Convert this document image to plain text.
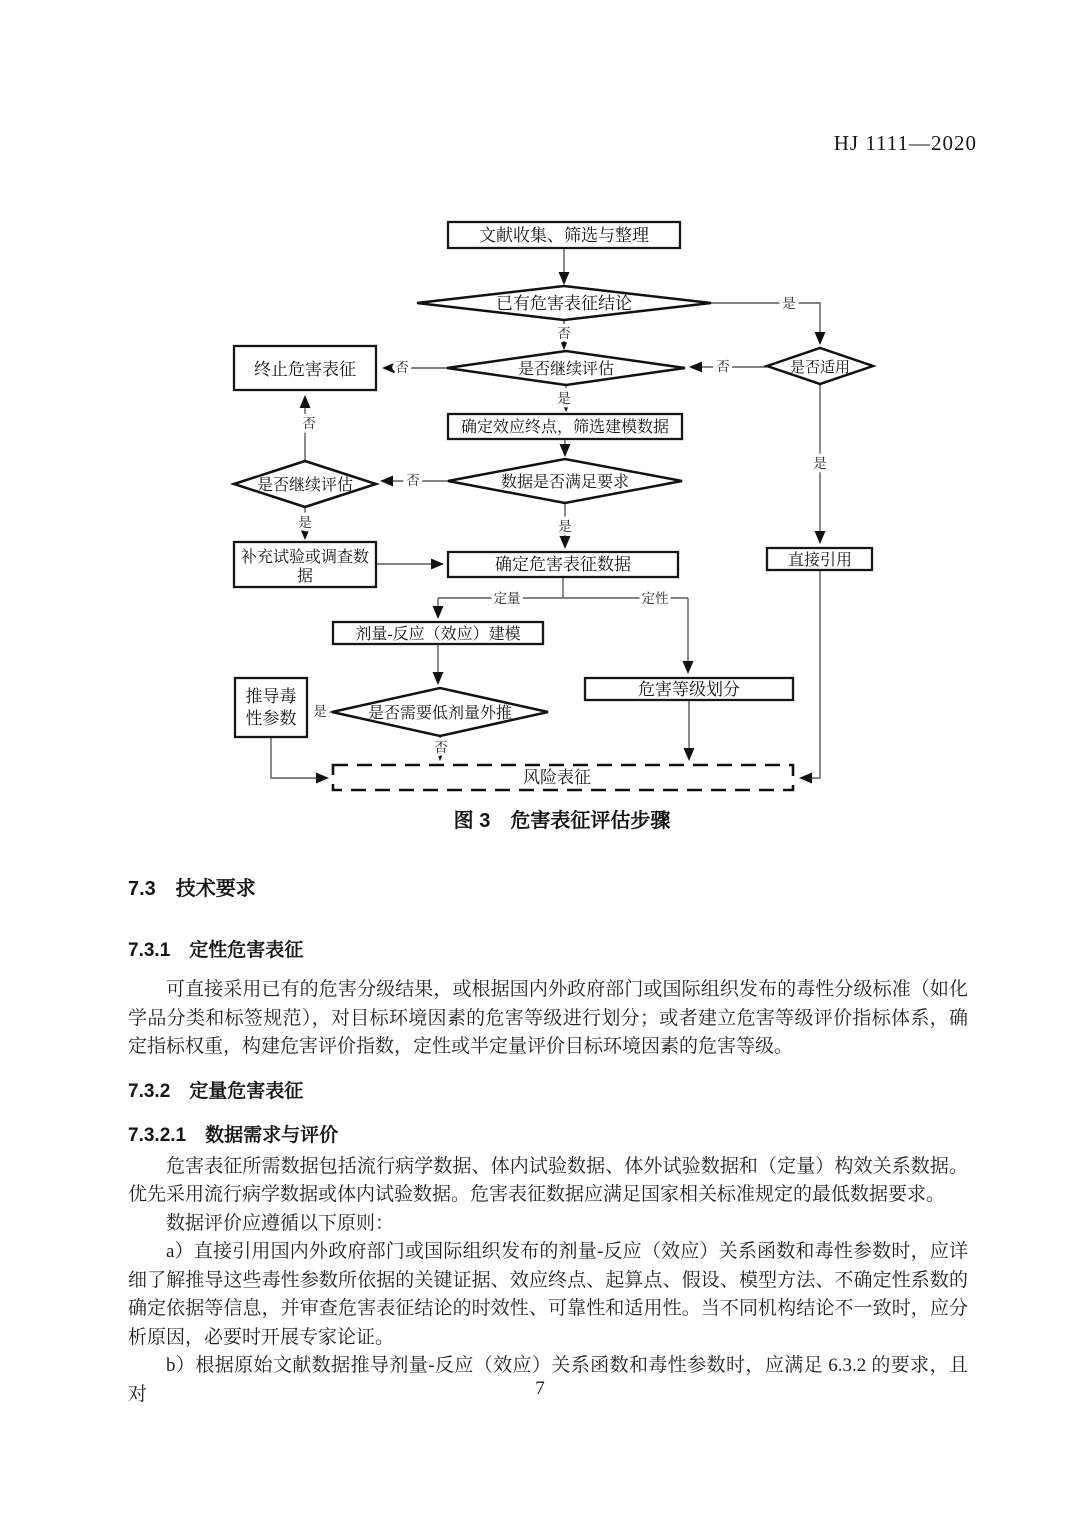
HJ 1111—2020
文献收集、筛选与整理
终止危害表征
确定效应终点，筛选建模数据
补充试验或调查数
据
确定危害表征数据	直接引用
剂量-反应（效应）建模
危害等级划分
推导毒
性参数
风险表征
已有危害表征结论
是否继续评估	是否适用
是否继续评估	数据是否满足要求
是否需要低剂量外推
是
否
否	否
是
否
否
是
是	是
定量	定性
是
否
图 3　危害表征评估步骤
7.3　技术要求
7.3.1　定性危害表征

可直接采用已有的危害分级结果，或根据国内外政府部门或国际组织发布的毒性分级标准（如化学品分类和标签规范），对目标环境因素的危害等级进行划分；或者建立危害等级评价指标体系，确定指标权重，构建危害评价指数，定性或半定量评价目标环境因素的危害等级。

7.3.2　定量危害表征
7.3.2.1　数据需求与评价

危害表征所需数据包括流行病学数据、体内试验数据、体外试验数据和（定量）构效关系数据。优先采用流行病学数据或体内试验数据。危害表征数据应满足国家相关标准规定的最低数据要求。

数据评价应遵循以下原则：

a）直接引用国内外政府部门或国际组织发布的剂量-反应（效应）关系函数和毒性参数时，应详细了解推导这些毒性参数所依据的关键证据、效应终点、起算点、假设、模型方法、不确定性系数的确定依据等信息，并审查危害表征结论的时效性、可靠性和适用性。当不同机构结论不一致时，应分析原因，必要时开展专家论证。

b）根据原始文献数据推导剂量-反应（效应）关系函数和毒性参数时，应满足 6.3.2 的要求，且对	7
